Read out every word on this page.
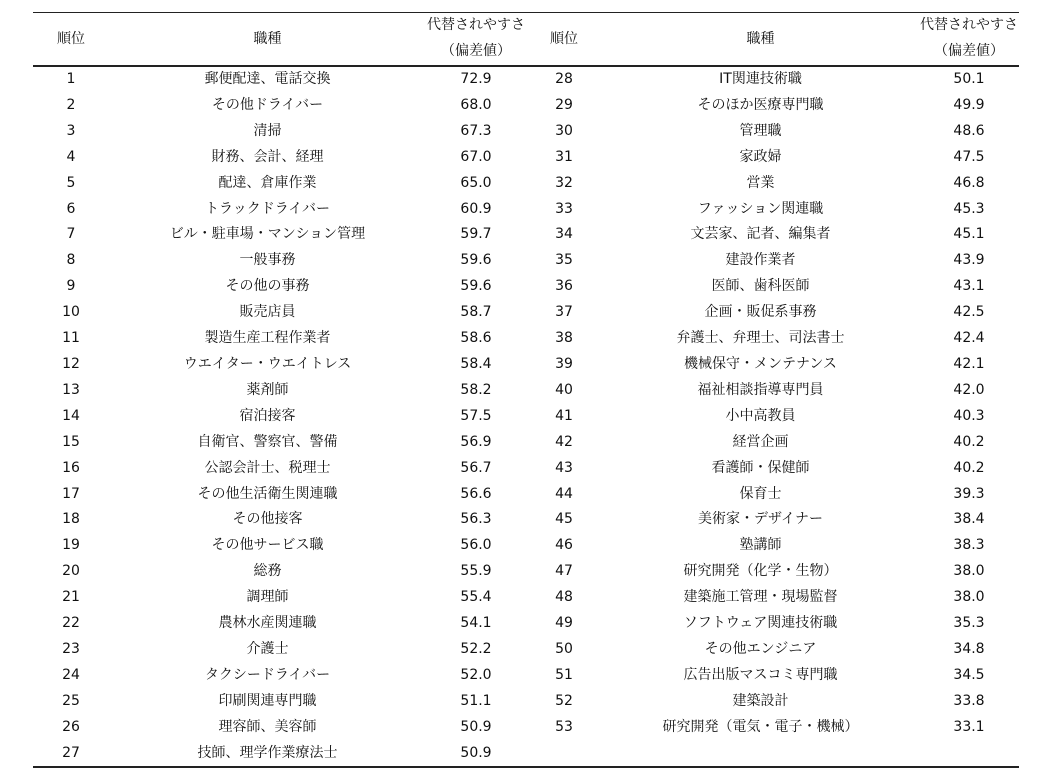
順位	職種	代替されやすさ	順位	職種	代替されやすさ
		（偏差値）			（偏差値）
1	郵便配達、電話交換	72.9	28	IT関連技術職	50.1
2	その他ドライバー	68.0	29	そのほか医療専門職	49.9
3	清掃	67.3	30	管理職	48.6
4	財務、会計、経理	67.0	31	家政婦	47.5
5	配達、倉庫作業	65.0	32	営業	46.8
6	トラックドライバー	60.9	33	ファッション関連職	45.3
7	ビル・駐車場・マンション管理	59.7	34	文芸家、記者、編集者	45.1
8	一般事務	59.6	35	建設作業者	43.9
9	その他の事務	59.6	36	医師、歯科医師	43.1
10	販売店員	58.7	37	企画・販促系事務	42.5
11	製造生産工程作業者	58.6	38	弁護士、弁理士、司法書士	42.4
12	ウエイター・ウエイトレス	58.4	39	機械保守・メンテナンス	42.1
13	薬剤師	58.2	40	福祉相談指導専門員	42.0
14	宿泊接客	57.5	41	小中高教員	40.3
15	自衛官、警察官、警備	56.9	42	経営企画	40.2
16	公認会計士、税理士	56.7	43	看護師・保健師	40.2
17	その他生活衛生関連職	56.6	44	保育士	39.3
18	その他接客	56.3	45	美術家・デザイナー	38.4
19	その他サービス職	56.0	46	塾講師	38.3
20	総務	55.9	47	研究開発（化学・生物）	38.0
21	調理師	55.4	48	建築施工管理・現場監督	38.0
22	農林水産関連職	54.1	49	ソフトウェア関連技術職	35.3
23	介護士	52.2	50	その他エンジニア	34.8
24	タクシードライバー	52.0	51	広告出版マスコミ専門職	34.5
25	印刷関連専門職	51.1	52	建築設計	33.8
26	理容師、美容師	50.9	53	研究開発（電気・電子・機械）	33.1
27	技師、理学作業療法士	50.9			
